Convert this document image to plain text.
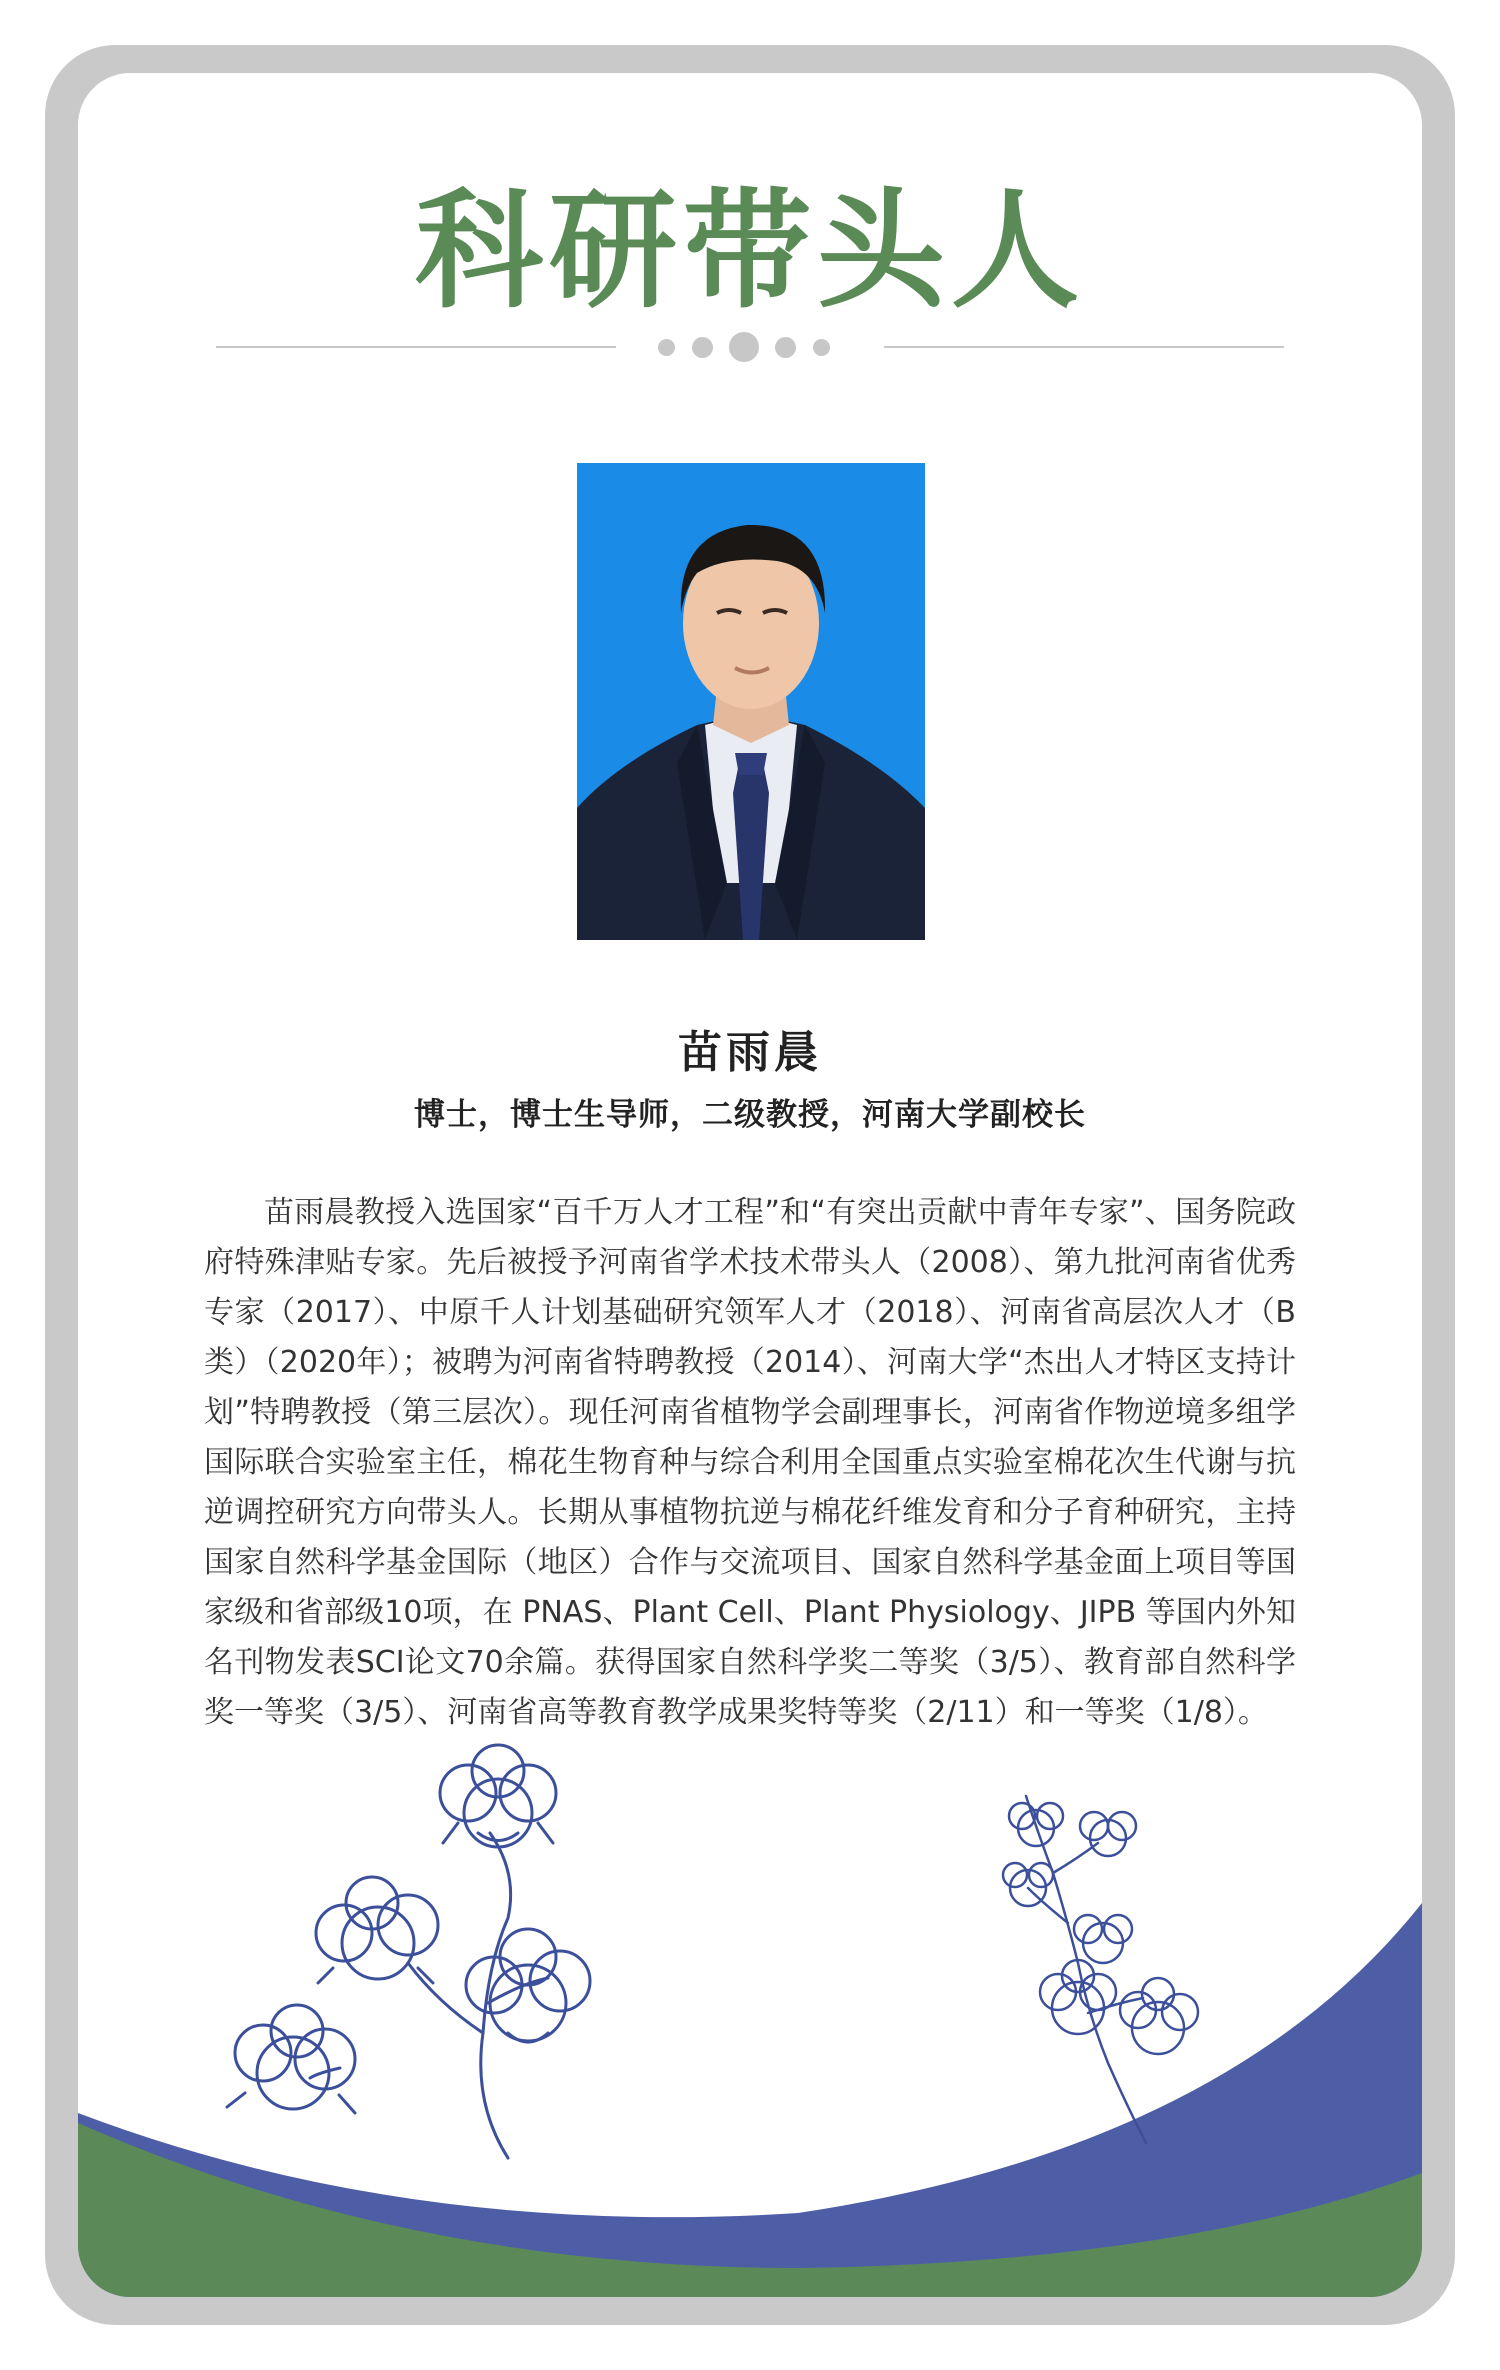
科研带头人
苗雨晨
博士，博士生导师，二级教授，河南大学副校长

苗雨晨教授入选国家“百千万人才工程”和“有突出贡献中青年专家”、国务院政府特殊津贴专家。先后被授予河南省学术技术带头人（2008）、第九批河南省优秀专家（2017）、中原千人计划基础研究领军人才（2018）、河南省高层次人才（B类）（2020年）；被聘为河南省特聘教授（2014）、河南大学“杰出人才特区支持计划”特聘教授（第三层次）。现任河南省植物学会副理事长，河南省作物逆境多组学国际联合实验室主任，棉花生物育种与综合利用全国重点实验室棉花次生代谢与抗逆调控研究方向带头人。长期从事植物抗逆与棉花纤维发育和分子育种研究，主持国家自然科学基金国际（地区）合作与交流项目、国家自然科学基金面上项目等国家级和省部级10项，在 PNAS、Plant Cell、Plant Physiology、JIPB 等国内外知名刊物发表SCI论文70余篇。获得国家自然科学奖二等奖（3/5）、教育部自然科学奖一等奖（3/5）、河南省高等教育教学成果奖特等奖（2/11）和一等奖（1/8）。
